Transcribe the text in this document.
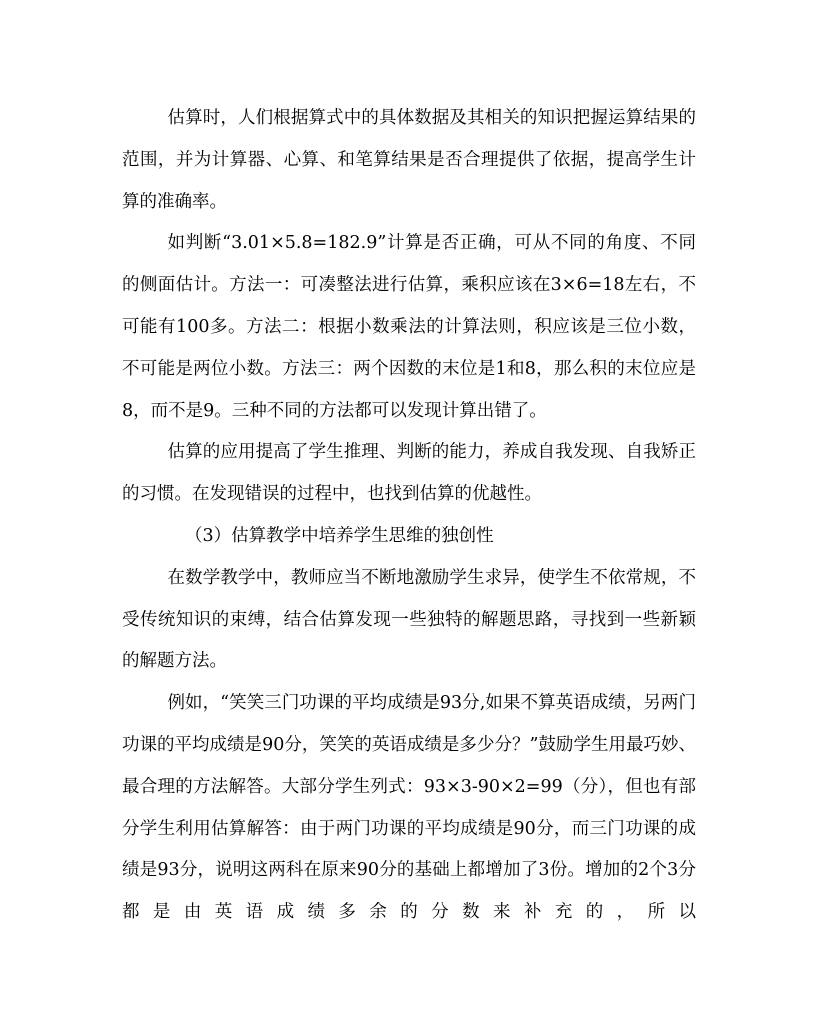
估算时，人们根据算式中的具体数据及其相关的知识把握运算结果的范围，并为计算器、心算、和笔算结果是否合理提供了依据，提高学生计算的准确率。

如判断“3.01×5.8=182.9”计算是否正确，可从不同的角度、不同的侧面估计。方法一：可凑整法进行估算，乘积应该在3×6=18左右，不可能有100多。方法二：根据小数乘法的计算法则，积应该是三位小数，不可能是两位小数。方法三：两个因数的末位是1和8，那么积的末位应是8，而不是9。三种不同的方法都可以发现计算出错了。

估算的应用提高了学生推理、判断的能力，养成自我发现、自我矫正的习惯。在发现错误的过程中，也找到估算的优越性。

（3）估算教学中培养学生思维的独创性

在数学教学中，教师应当不断地激励学生求异，使学生不依常规，不受传统知识的束缚，结合估算发现一些独特的解题思路，寻找到一些新颖的解题方法。

例如，“笑笑三门功课的平均成绩是93分,如果不算英语成绩，另两门功课的平均成绩是90分，笑笑的英语成绩是多少分？”鼓励学生用最巧妙、最合理的方法解答。大部分学生列式：93×3-90×2=99（分），但也有部分学生利用估算解答：由于两门功课的平均成绩是90分，而三门功课的成绩是93分，说明这两科在原来90分的基础上都增加了3份。增加的2个3分都是由英语成绩多余的分数来补充的，所以
